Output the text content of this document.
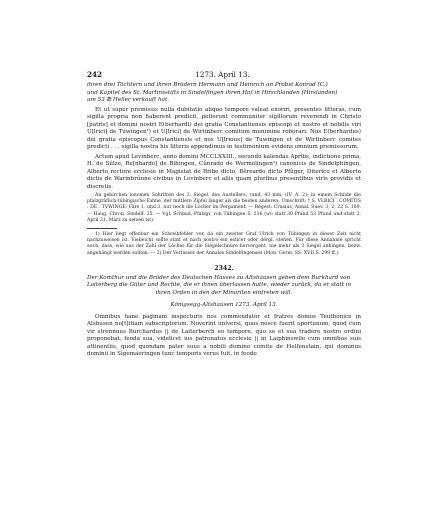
242	1273. April 13.

ihren drei Töchtern und ihren Brüdern Hermann und Heinrich an Probst Konrad (C.)
und Kapitel des St. Martinsstifts in Sindelfingen ihren Hof in Hirschlanden (Hirslanden)
um 53 ℔ Heller verkauft hat.

Et ut super premissis nulla dubitatio aliquo tempore valeat exoriri, presentes litteras, cum sigilla propria non haberent predicti, petierunt communiter sigillorum reverendi in Christo [patris] et domini nostri E(berhardi) dei gratia Constantiensis episcopi et nostro et nobilis viri U[lrici] de Tuwingen¹) et U[lrici] de Wirtinberc comitum munimine roborari. Nos E(berhardus) dei gratia episcopus Constantiensis et nos U[lrious] de Tuwingen et de Wirtinberc comites predicti . . . sigilla nostra his litteris appendimus in testimonium evidens omnium premissorum.

Actum apud Levinberc, anno domini MCCLXXIII., secundo kalendas Aprilis, indictione prima, H. de Sûlze, Re[nhardo] de Bihingen, Cûnrado de Wermelingen²) canonicis de Sindelphingen, Alberto rectore ecclesie in Magistat de Bribe dicto, Bêreardo dicto Pfûger, Diterico et Alberto dictis de Warinbrûnne civibus in Levinberc et aliis quam pluribus presentibus viris providis et discretis.

An gebirchen ionomen Sohrifren des 2. Siegel, des Austellers, rund, 43 mm, (IV. A. 2): in einem Schilde die pfalzgräflich-tübingische Fahne, der mittlere Zipfel länger als die beiden anderen; Umschrift: † S. VLRICI . COMITIS . DE . TVWINGE. Fâre 1. und 3. nur noch die Löcher im Pergament. — Regest: Crusius, Annal. Suev. 3, 2, 22 S. 189. — Haug, Chron. Sindelf. 35. — Vgl. Schmid, Pfalzgr. von Tübingen S. 216 (wo statt 30 Pfund 53 Pfund und statt 2. April 31. März zu setzen ist).

1) Hier liegt offenbar ein Schreibfehler vor, da ein zweiter Graf Ulrich von Tübingen in dieser Zeit nicht nachzuweisen ist. Vielleicht sollte statt et nach nostro ein esticet oder dergl. stehen. Für diese Annahme spricht auch, dass, wie aus der Zahl der Löcher für die Siegelschnüre hervorgeht, nie mehr als 3 Siegel anhingen, bezw. angehängt werden sollten. — 2) Der Verfasser der Annales Sindelfingenses (Mon. Germ. SS. XVII S. 299 ff.).

2342.
Der Komthur und die Brüder des Deutschen Hauses zu Altshausen geben dem Burkhard von
Laiterberg die Güter und Rechte, die er ihnen überlassen hatte, wieder zurück, da er statt in
ihren Orden in den der Minoriten eintreten will.
Königsegg-Altshausen 1273. April 13.

Omnibus hane paginam inspecturis nos commendator et fratres domus Teuthonice in Alshusen no[t]itiam subscriptorum. Noverint universi, quos nosce fuerit oportunum, quod cum vir strennuus Burchardus || de Laiterberch eo tempore, quo se et sua tradere nostro ordini proponebat, feoda sua, videlicet ius patronatus ecclesie || in Laiphinswile cum omnibus suis attinentiis, quod quondam pater suus a nobili domino comite de Helfenstain, qui dominus dominii in Sigemaeringen tunc temporis verus fuit, in feodo
